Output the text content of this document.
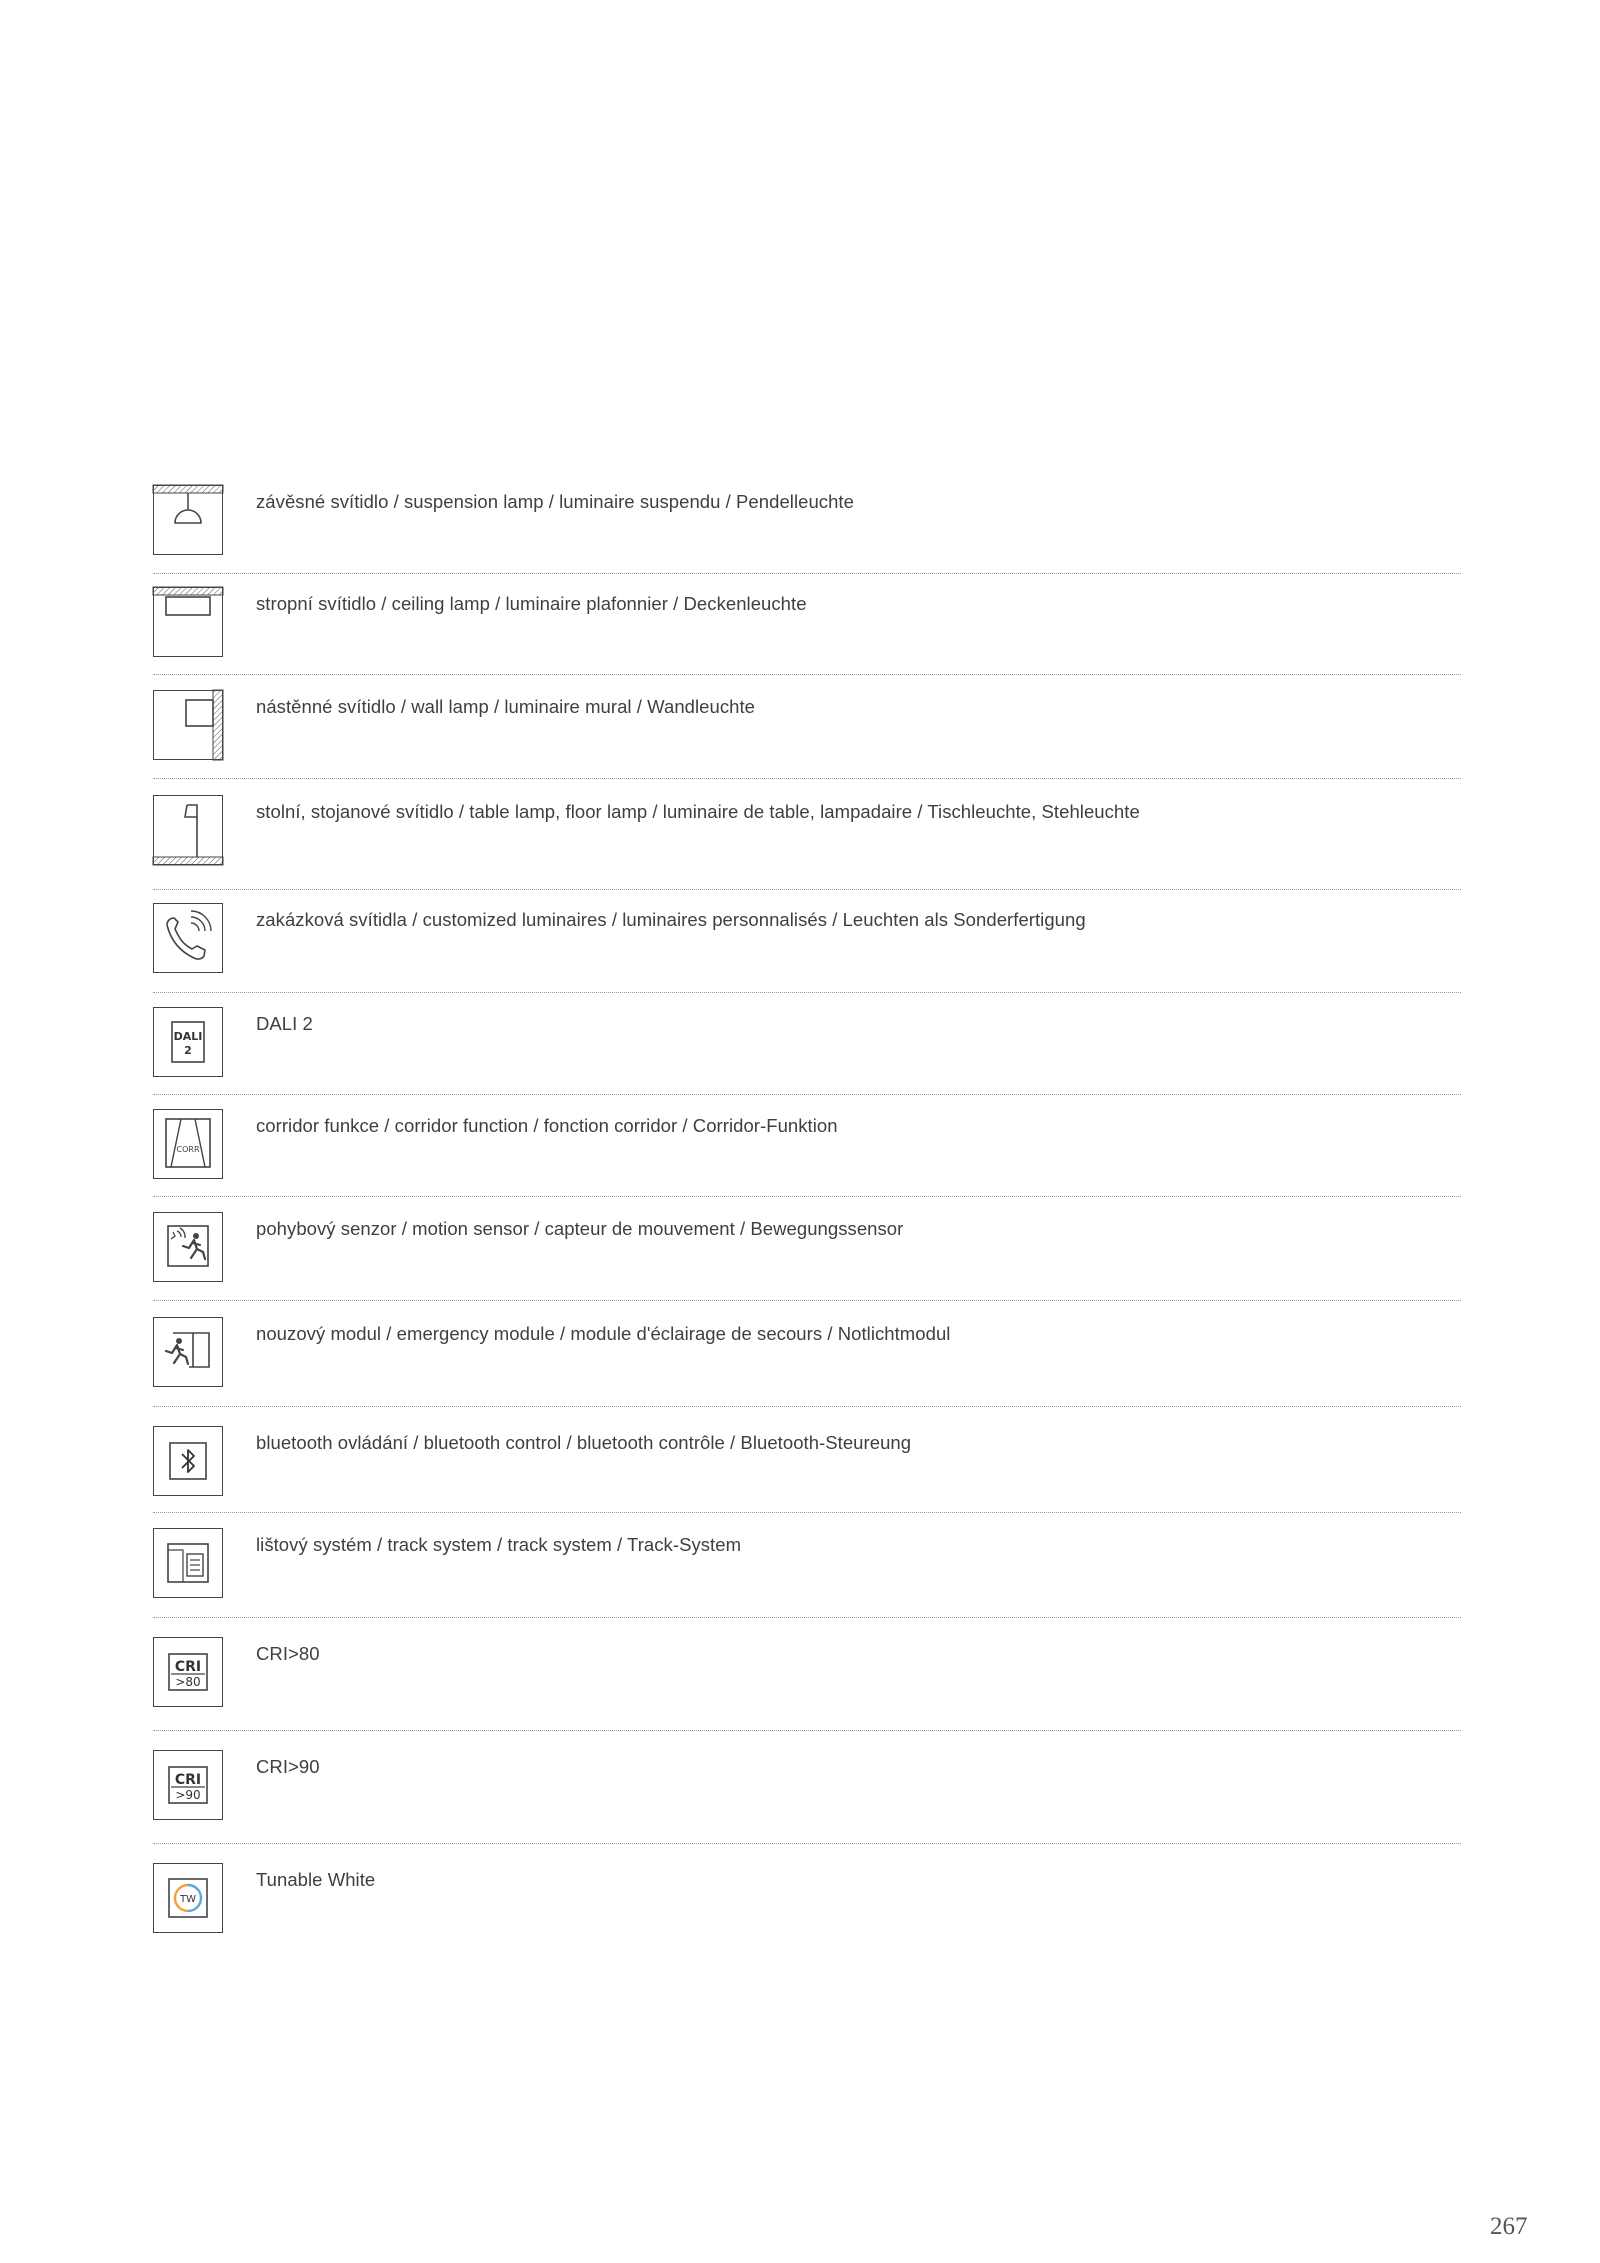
závěsné svítidlo / suspension lamp / luminaire suspendu / Pendelleuchte
stropní svítidlo / ceiling lamp / luminaire plafonnier / Deckenleuchte
nástěnné svítidlo / wall lamp / luminaire mural / Wandleuchte
stolní, stojanové svítidlo / table lamp, floor lamp / luminaire de table, lampadaire / Tischleuchte, Stehleuchte
zakázková svítidla / customized luminaires / luminaires personnalisés / Leuchten als Sonderfertigung
DALI
2
DALI 2
CORR
corridor funkce / corridor function / fonction corridor / Corridor-Funktion
pohybový senzor / motion sensor / capteur de mouvement / Bewegungssensor
nouzový modul / emergency module / module d'éclairage de secours / Notlichtmodul
bluetooth ovládání / bluetooth control / bluetooth contrôle / Bluetooth-Steureung
lištový systém / track system / track system / Track-System
CRI
>80
CRI>80
CRI
>90
CRI>90
TW
Tunable White
267
